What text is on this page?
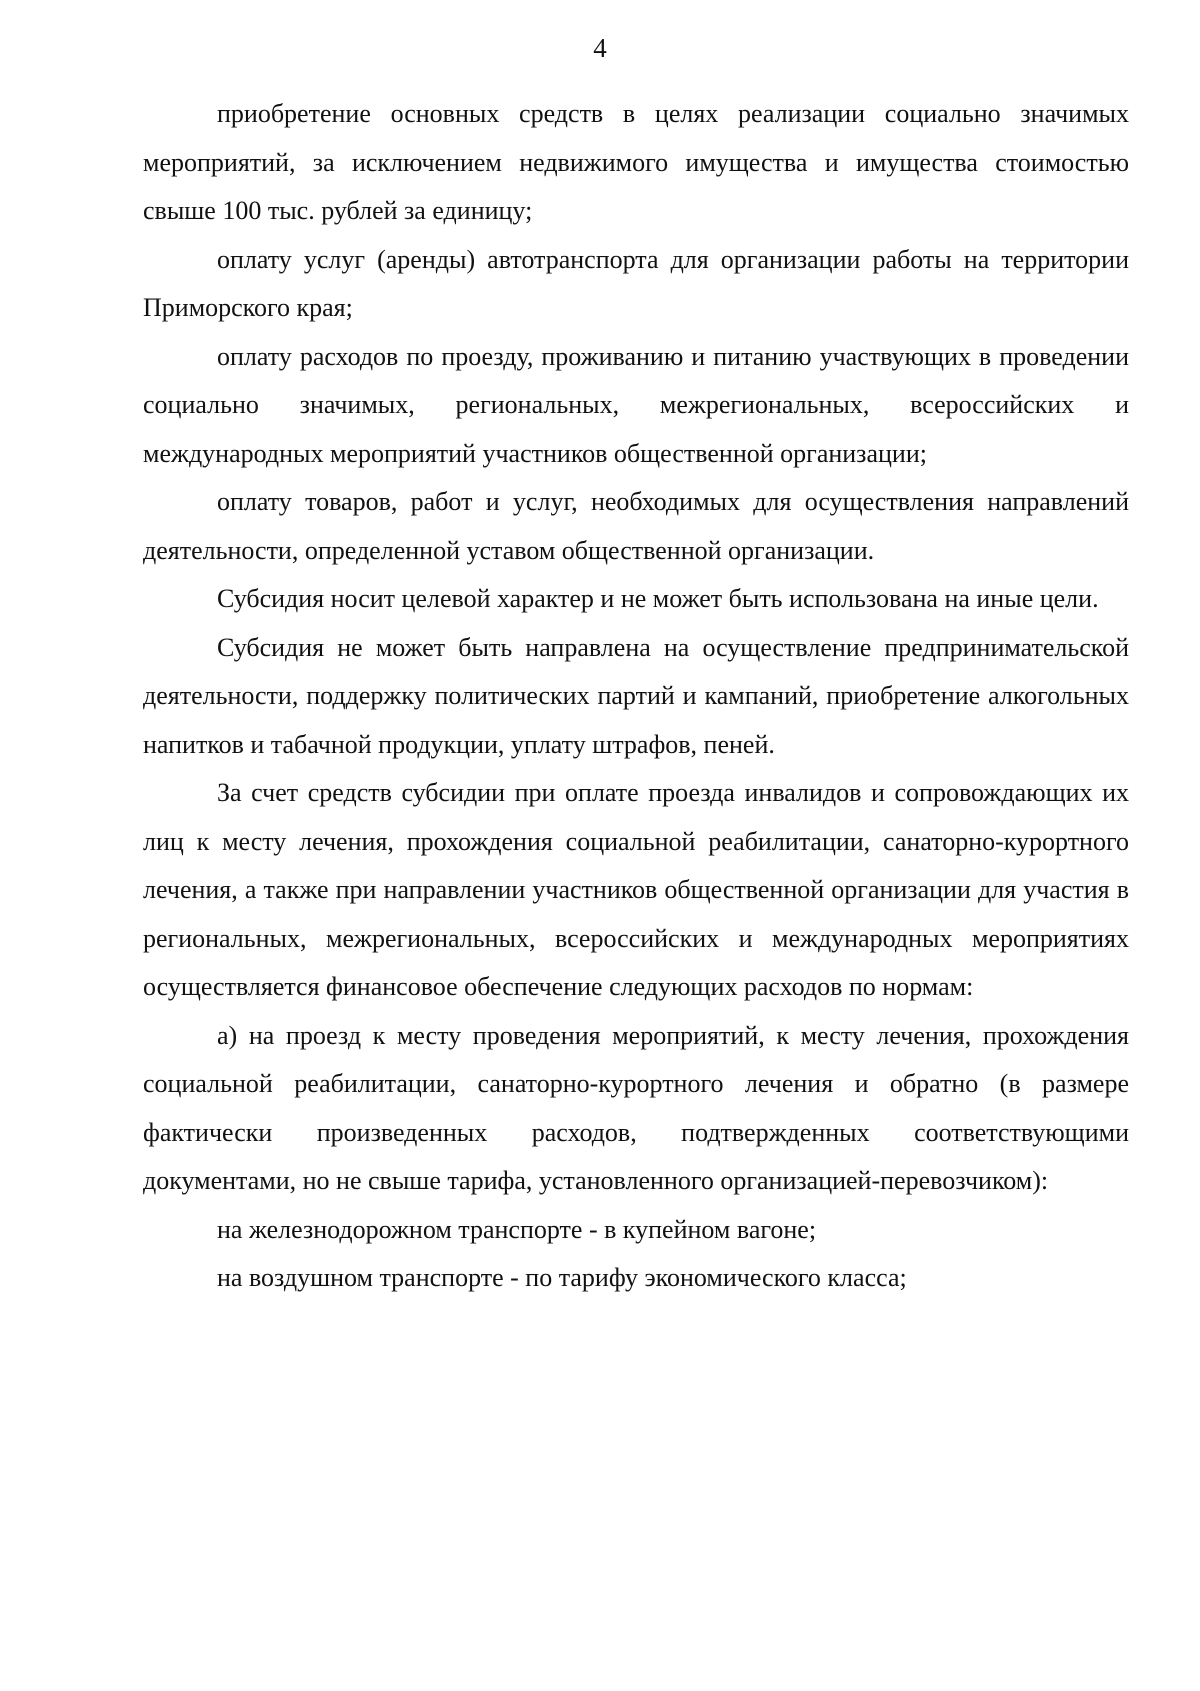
4

приобретение основных средств в целях реализации социально значимых мероприятий, за исключением недвижимого имущества и имущества стоимостью свыше 100 тыс. рублей за единицу;

оплату услуг (аренды) автотранспорта для организации работы на территории Приморского края;

оплату расходов по проезду, проживанию и питанию участвующих в проведении социально значимых, региональных, межрегиональных, всероссийских и международных мероприятий участников общественной организации;

оплату товаров, работ и услуг, необходимых для осуществления направлений деятельности, определенной уставом общественной организации.

Субсидия носит целевой характер и не может быть использована на иные цели.

Субсидия не может быть направлена на осуществление предпринимательской деятельности, поддержку политических партий и кампаний, приобретение алкогольных напитков и табачной продукции, уплату штрафов, пеней.

За счет средств субсидии при оплате проезда инвалидов и сопровождающих их лиц к месту лечения, прохождения социальной реабилитации, санаторно-курортного лечения, а также при направлении участников общественной организации для участия в региональных, межрегиональных, всероссийских и международных мероприятиях осуществляется финансовое обеспечение следующих расходов по нормам:

а) на проезд к месту проведения мероприятий, к месту лечения, прохождения социальной реабилитации, санаторно-курортного лечения и обратно (в размере фактически произведенных расходов, подтвержденных соответствующими документами, но не свыше тарифа, установленного организацией-перевозчиком):

на железнодорожном транспорте - в купейном вагоне;

на воздушном транспорте - по тарифу экономического класса;
